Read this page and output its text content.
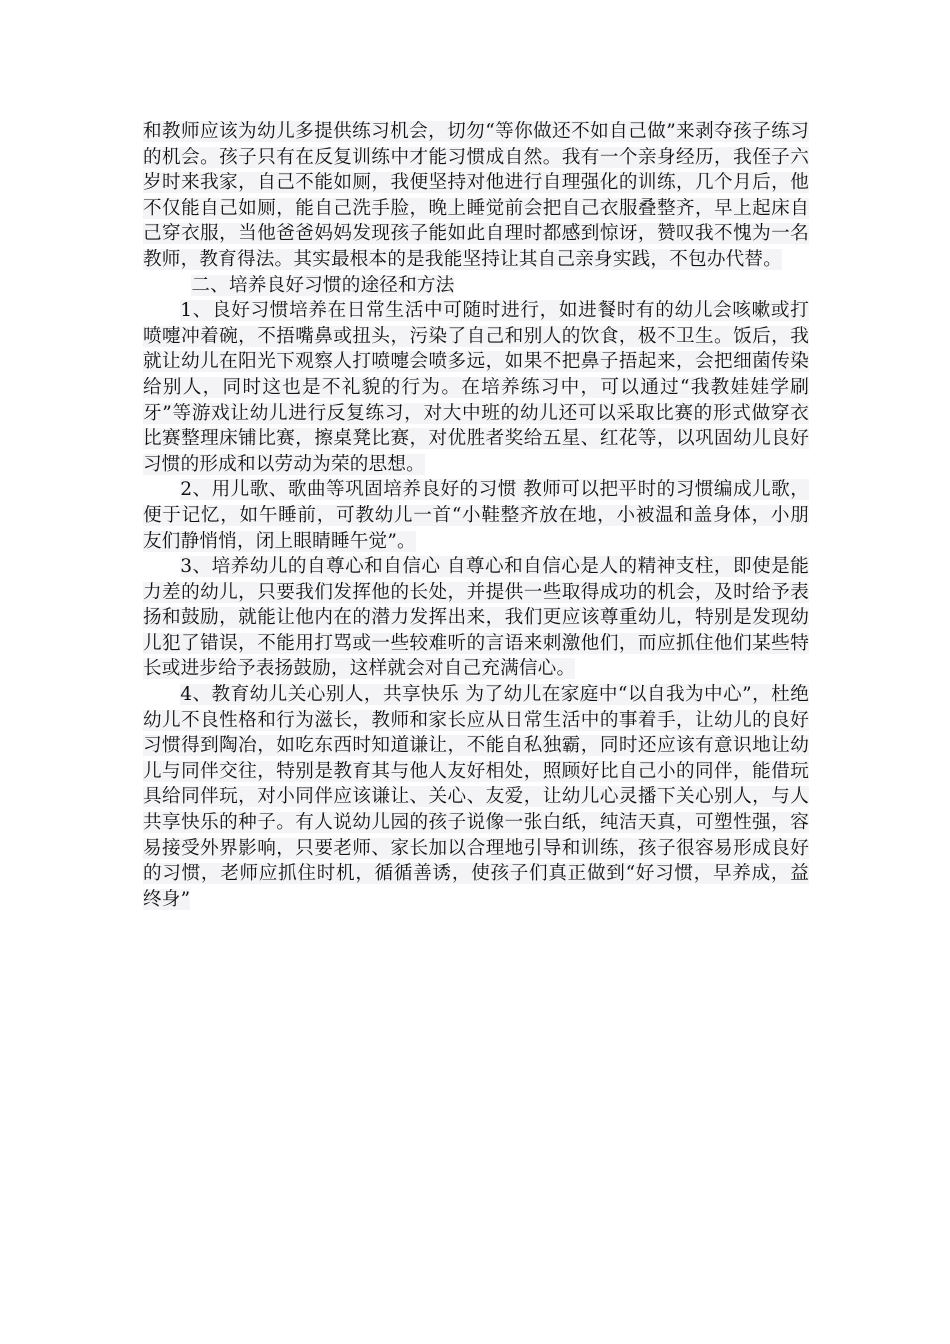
和教师应该为幼儿多提供练习机会，切勿“等你做还不如自己做”来剥夺孩子练习的机会。孩子只有在反复训练中才能习惯成自然。我有一个亲身经历，我侄子六岁时来我家，自己不能如厕，我便坚持对他进行自理强化的训练，几个月后，他不仅能自己如厕，能自己洗手脸，晚上睡觉前会把自己衣服叠整齐，早上起床自己穿衣服，当他爸爸妈妈发现孩子能如此自理时都感到惊讶，赞叹我不愧为一名教师，教育得法。其实最根本的是我能坚持让其自己亲身实践，不包办代替。

二、培养良好习惯的途径和方法

1、良好习惯培养在日常生活中可随时进行，如进餐时有的幼儿会咳嗽或打喷嚏冲着碗，不捂嘴鼻或扭头，污染了自己和别人的饮食，极不卫生。饭后，我就让幼儿在阳光下观察人打喷嚏会喷多远，如果不把鼻子捂起来，会把细菌传染给别人，同时这也是不礼貌的行为。在培养练习中，可以通过“我教娃娃学刷牙”等游戏让幼儿进行反复练习，对大中班的幼儿还可以采取比赛的形式做穿衣比赛整理床铺比赛，擦桌凳比赛，对优胜者奖给五星、红花等，以巩固幼儿良好习惯的形成和以劳动为荣的思想。

2、用儿歌、歌曲等巩固培养良好的习惯 教师可以把平时的习惯编成儿歌，便于记忆，如午睡前，可教幼儿一首“小鞋整齐放在地，小被温和盖身体，小朋友们静悄悄，闭上眼睛睡午觉”。

3、培养幼儿的自尊心和自信心 自尊心和自信心是人的精神支柱，即使是能力差的幼儿，只要我们发挥他的长处，并提供一些取得成功的机会，及时给予表扬和鼓励，就能让他内在的潜力发挥出来，我们更应该尊重幼儿，特别是发现幼儿犯了错误，不能用打骂或一些较难听的言语来刺激他们，而应抓住他们某些特长或进步给予表扬鼓励，这样就会对自己充满信心。

4、教育幼儿关心别人，共享快乐 为了幼儿在家庭中“以自我为中心”，杜绝幼儿不良性格和行为滋长，教师和家长应从日常生活中的事着手，让幼儿的良好习惯得到陶冶，如吃东西时知道谦让，不能自私独霸，同时还应该有意识地让幼儿与同伴交往，特别是教育其与他人友好相处，照顾好比自己小的同伴，能借玩具给同伴玩，对小同伴应该谦让、关心、友爱，让幼儿心灵播下关心别人，与人共享快乐的种子。有人说幼儿园的孩子说像一张白纸，纯洁天真，可塑性强，容易接受外界影响，只要老师、家长加以合理地引导和训练，孩子很容易形成良好的习惯，老师应抓住时机，循循善诱，使孩子们真正做到“好习惯，早养成，益终身”
